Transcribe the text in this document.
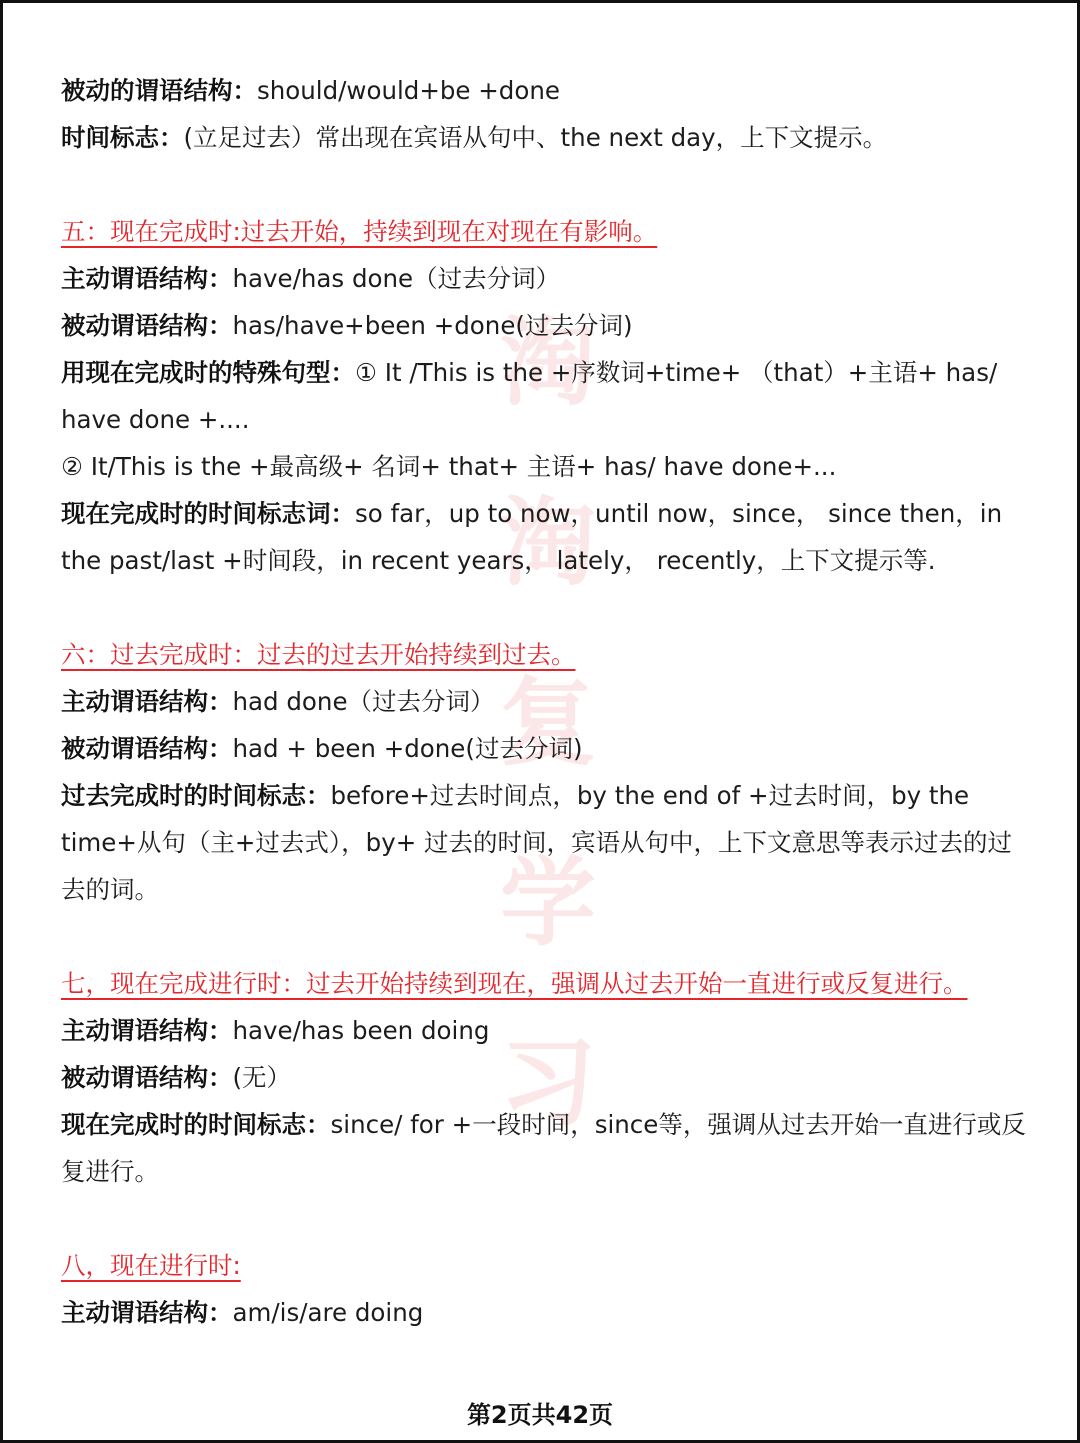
淘
淘
复
学
习

被动的谓语结构：should/would+be +done

时间标志：(立足过去）常出现在宾语从句中、the next day，上下文提示。

五：现在完成时:过去开始，持续到现在对现在有影响。

主动谓语结构：have/has done（过去分词）

被动谓语结构：has/have+been +done(过去分词)

用现在完成时的特殊句型：① It /This is the +序数词+time+ （that）+主语+ has/ have done +....

② It/This is the +最高级+ 名词+ that+ 主语+ has/ have done+...

现在完成时的时间标志词：so far，up to now，until now，since， since then，in the past/last +时间段，in recent years， lately， recently，上下文提示等.

六：过去完成时：过去的过去开始持续到过去。

主动谓语结构：had done（过去分词）

被动谓语结构：had + been +done(过去分词)

过去完成时的时间标志：before+过去时间点，by the end of +过去时间，by the time+从句（主+过去式），by+ 过去的时间，宾语从句中，上下文意思等表示过去的过去的词。

七，现在完成进行时：过去开始持续到现在，强调从过去开始一直进行或反复进行。

主动谓语结构：have/has been doing

被动谓语结构：(无）

现在完成时的时间标志：since/ for +一段时间，since等，强调从过去开始一直进行或反复进行。

八，现在进行时:

主动谓语结构：am/is/are doing

第2页共42页
